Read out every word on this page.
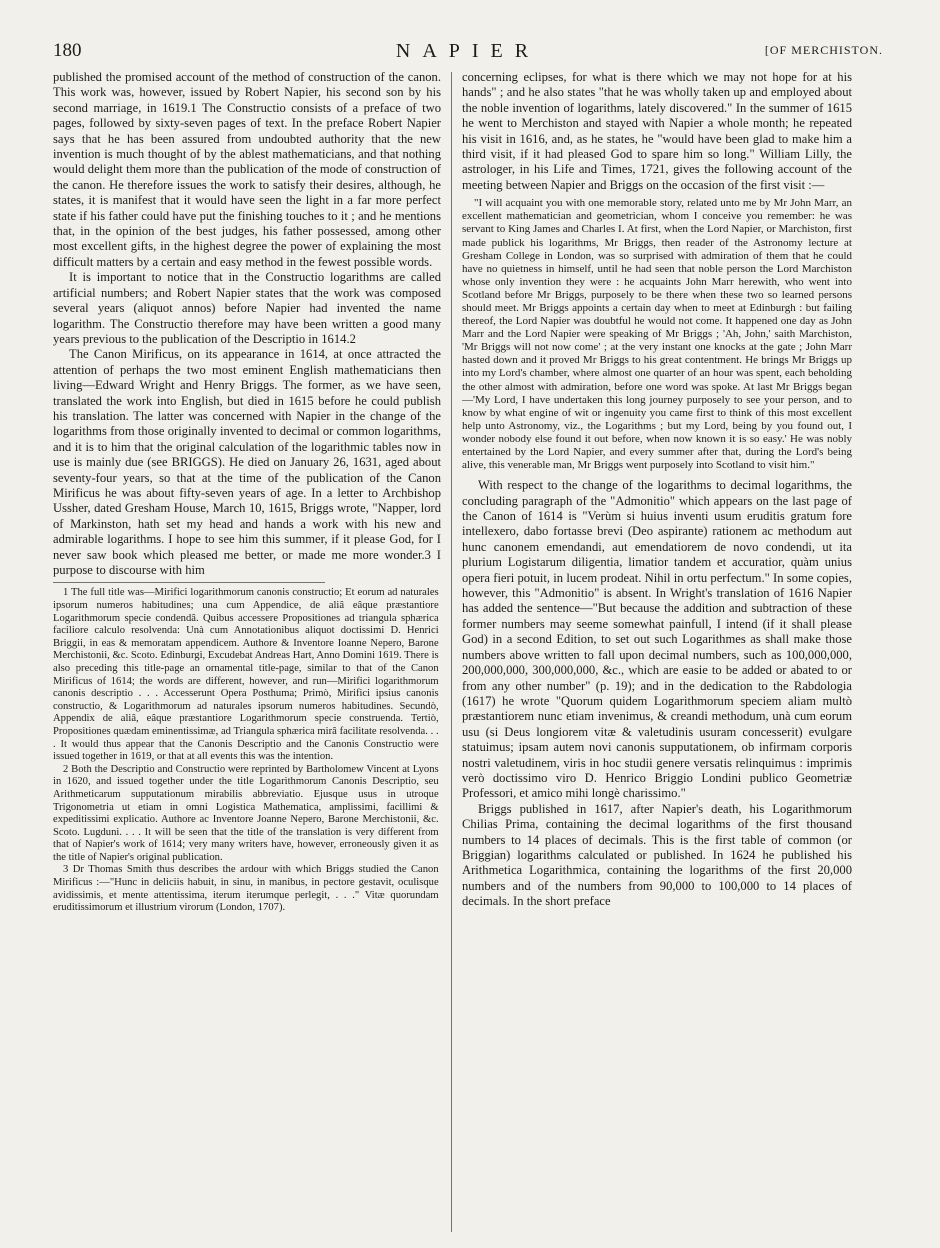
180	NAPIER	[OF MERCHISTON.

published the promised account of the method of construction of the canon. This work was, however, issued by Robert Napier, his second son by his second marriage, in 1619.1 The Constructio consists of a preface of two pages, followed by sixty-seven pages of text. In the preface Robert Napier says that he has been assured from undoubted authority that the new invention is much thought of by the ablest mathematicians, and that nothing would delight them more than the publication of the mode of construction of the canon. He therefore issues the work to satisfy their desires, although, he states, it is manifest that it would have seen the light in a far more perfect state if his father could have put the finishing touches to it ; and he mentions that, in the opinion of the best judges, his father possessed, among other most excellent gifts, in the highest degree the power of explaining the most difficult matters by a certain and easy method in the fewest possible words.

It is important to notice that in the Constructio logarithms are called artificial numbers; and Robert Napier states that the work was composed several years (aliquot annos) before Napier had invented the name logarithm. The Constructio therefore may have been written a good many years previous to the publication of the Descriptio in 1614.2

The Canon Mirificus, on its appearance in 1614, at once attracted the attention of perhaps the two most eminent English mathematicians then living—Edward Wright and Henry Briggs. The former, as we have seen, translated the work into English, but died in 1615 before he could publish his translation. The latter was concerned with Napier in the change of the logarithms from those originally invented to decimal or common logarithms, and it is to him that the original calculation of the logarithmic tables now in use is mainly due (see BRIGGS). He died on January 26, 1631, aged about seventy-four years, so that at the time of the publication of the Canon Mirificus he was about fifty-seven years of age. In a letter to Archbishop Ussher, dated Gresham House, March 10, 1615, Briggs wrote, "Napper, lord of Markinston, hath set my head and hands a work with his new and admirable logarithms. I hope to see him this summer, if it please God, for I never saw book which pleased me better, or made me more wonder.3 I purpose to discourse with him

1 The full title was—Mirifici logarithmorum canonis constructio; Et eorum ad naturales ipsorum numeros habitudines; una cum Appendice, de aliâ eâque præstantiore Logarithmorum specie condendâ. Quibus accessere Propositiones ad triangula sphærica faciliore calculo resolvenda: Unà cum Annotationibus aliquot doctissimi D. Henrici Briggii, in eas & memoratam appendicem. Authore & Inventore Ioanne Nepero, Barone Merchistonii, &c. Scoto. Edinburgi, Excudebat Andreas Hart, Anno Domini 1619. There is also preceding this title-page an ornamental title-page, similar to that of the Canon Mirificus of 1614; the words are different, however, and run—Mirifici logarithmorum canonis descriptio . . . Accesserunt Opera Posthuma; Primò, Mirifici ipsius canonis constructio, & Logarithmorum ad naturales ipsorum numeros habitudines. Secundò, Appendix de aliâ, eâque præstantiore Logarithmorum specie construenda. Tertiò, Propositiones quædam eminentissimæ, ad Triangula sphærica mirâ facilitate resolvenda. . . . It would thus appear that the Canonis Descriptio and the Canonis Constructio were issued together in 1619, or that at all events this was the intention.

2 Both the Descriptio and Constructio were reprinted by Bartholomew Vincent at Lyons in 1620, and issued together under the title Logarithmorum Canonis Descriptio, seu Arithmeticarum supputationum mirabilis abbreviatio. Ejusque usus in utroque Trigonometria ut etiam in omni Logistica Mathematica, amplissimi, facillimi & expeditissimi explicatio. Authore ac Inventore Joanne Nepero, Barone Merchistonii, &c. Scoto. Lugduni. . . . It will be seen that the title of the translation is very different from that of Napier's work of 1614; very many writers have, however, erroneously given it as the title of Napier's original publication.

3 Dr Thomas Smith thus describes the ardour with which Briggs studied the Canon Mirificus :—"Hunc in deliciis habuit, in sinu, in manibus, in pectore gestavit, oculisque avidissimis, et mente attentissima, iterum iterumque perlegit, . . ." Vitæ quorundam eruditissimorum et illustrium virorum (London, 1707).

concerning eclipses, for what is there which we may not hope for at his hands" ; and he also states "that he was wholly taken up and employed about the noble invention of logarithms, lately discovered." In the summer of 1615 he went to Merchiston and stayed with Napier a whole month; he repeated his visit in 1616, and, as he states, he "would have been glad to make him a third visit, if it had pleased God to spare him so long." William Lilly, the astrologer, in his Life and Times, 1721, gives the following account of the meeting between Napier and Briggs on the occasion of the first visit :—

"I will acquaint you with one memorable story, related unto me by Mr John Marr, an excellent mathematician and geometrician, whom I conceive you remember: he was servant to King James and Charles I. At first, when the Lord Napier, or Marchiston, first made publick his logarithms, Mr Briggs, then reader of the Astronomy lecture at Gresham College in London, was so surprised with admiration of them that he could have no quietness in himself, until he had seen that noble person the Lord Marchiston whose only invention they were : he acquaints John Marr herewith, who went into Scotland before Mr Briggs, purposely to be there when these two so learned persons should meet. Mr Briggs appoints a certain day when to meet at Edinburgh : but failing thereof, the Lord Napier was doubtful he would not come. It happened one day as John Marr and the Lord Napier were speaking of Mr Briggs ; 'Ah, John,' saith Marchiston, 'Mr Briggs will not now come' ; at the very instant one knocks at the gate ; John Marr hasted down and it proved Mr Briggs to his great contentment. He brings Mr Briggs up into my Lord's chamber, where almost one quarter of an hour was spent, each beholding the other almost with admiration, before one word was spoke. At last Mr Briggs began—'My Lord, I have undertaken this long journey purposely to see your person, and to know by what engine of wit or ingenuity you came first to think of this most excellent help unto Astronomy, viz., the Logarithms ; but my Lord, being by you found out, I wonder nobody else found it out before, when now known it is so easy.' He was nobly entertained by the Lord Napier, and every summer after that, during the Lord's being alive, this venerable man, Mr Briggs went purposely into Scotland to visit him."

With respect to the change of the logarithms to decimal logarithms, the concluding paragraph of the "Admonitio" which appears on the last page of the Canon of 1614 is "Verùm si huius inventi usum eruditis gratum fore intellexero, dabo fortasse brevi (Deo aspirante) rationem ac methodum aut hunc canonem emendandi, aut emendatiorem de novo condendi, ut ita plurium Logistarum diligentia, limatior tandem et accuratior, quàm unius opera fieri potuit, in lucem prodeat. Nihil in ortu perfectum." In some copies, however, this "Admonitio" is absent. In Wright's translation of 1616 Napier has added the sentence—"But because the addition and subtraction of these former numbers may seeme somewhat painfull, I intend (if it shall please God) in a second Edition, to set out such Logarithmes as shall make those numbers above written to fall upon decimal numbers, such as 100,000,000, 200,000,000, 300,000,000, &c., which are easie to be added or abated to or from any other number" (p. 19); and in the dedication to the Rabdologia (1617) he wrote "Quorum quidem Logarithmorum speciem aliam multò præstantiorem nunc etiam invenimus, & creandi methodum, unà cum eorum usu (si Deus longiorem vitæ & valetudinis usuram concesserit) evulgare statuimus; ipsam autem novi canonis supputationem, ob infirmam corporis nostri valetudinem, viris in hoc studii genere versatis relinquimus : imprimis verò doctissimo viro D. Henrico Briggio Londini publico Geometriæ Professori, et amico mihi longè charissimo."

Briggs published in 1617, after Napier's death, his Logarithmorum Chilias Prima, containing the decimal logarithms of the first thousand numbers to 14 places of decimals. This is the first table of common (or Briggian) logarithms calculated or published. In 1624 he published his Arithmetica Logarithmica, containing the logarithms of the first 20,000 numbers and of the numbers from 90,000 to 100,000 to 14 places of decimals. In the short preface
